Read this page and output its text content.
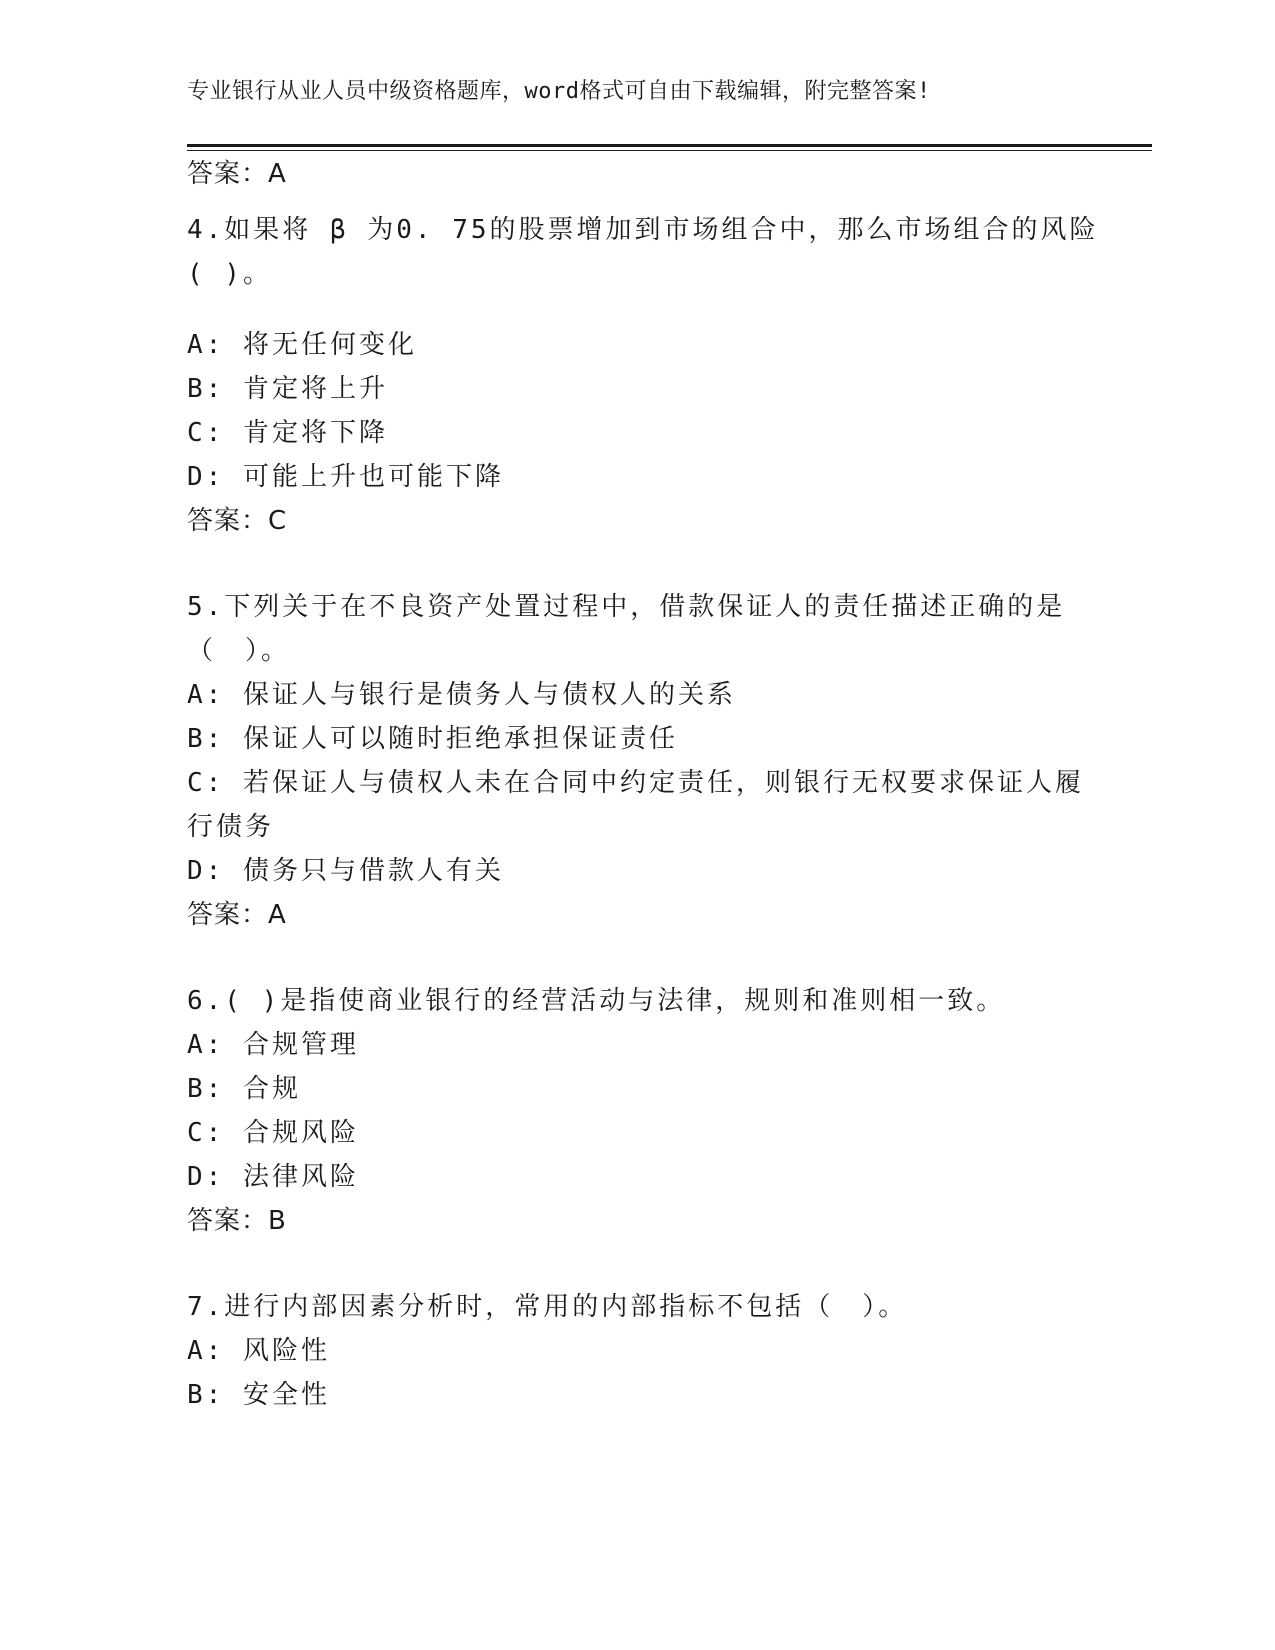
专业银行从业人员中级资格题库，word格式可自由下载编辑，附完整答案!
答案：A
4.如果将 β 为0. 75的股票增加到市场组合中，那么市场组合的风险
( )。
A: 将无任何变化
B: 肯定将上升
C: 肯定将下降
D: 可能上升也可能下降
答案：C
5.下列关于在不良资产处置过程中，借款保证人的责任描述正确的是
（　）。
A: 保证人与银行是债务人与债权人的关系
B: 保证人可以随时拒绝承担保证责任
C: 若保证人与债权人未在合同中约定责任，则银行无权要求保证人履
行债务
D: 债务只与借款人有关
答案：A
6.( )是指使商业银行的经营活动与法律，规则和准则相一致。
A: 合规管理
B: 合规
C: 合规风险
D: 法律风险
答案：B
7.进行内部因素分析时，常用的内部指标不包括（　）。
A: 风险性
B: 安全性
